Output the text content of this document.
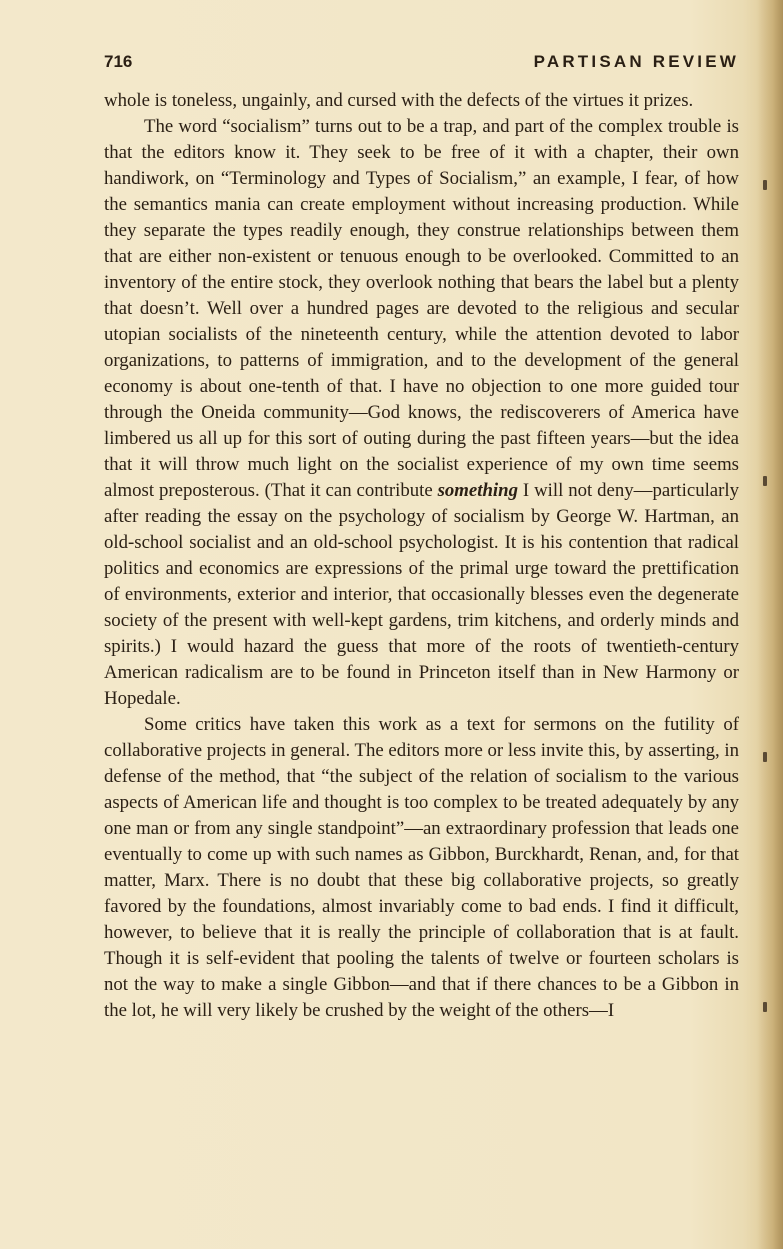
716	PARTISAN REVIEW

whole is toneless, ungainly, and cursed with the defects of the virtues it prizes.

The word “socialism” turns out to be a trap, and part of the complex trouble is that the editors know it. They seek to be free of it with a chapter, their own handiwork, on “Terminology and Types of Socialism,” an example, I fear, of how the semantics mania can create employment without increasing production. While they separate the types readily enough, they construe relationships between them that are either non-existent or tenuous enough to be overlooked. Committed to an inventory of the entire stock, they overlook nothing that bears the label but a plenty that doesn’t. Well over a hundred pages are devoted to the religious and secular utopian socialists of the nineteenth century, while the attention devoted to labor organizations, to patterns of immigration, and to the development of the general economy is about one-tenth of that. I have no objection to one more guided tour through the Oneida community—God knows, the rediscoverers of America have limbered us all up for this sort of outing during the past fifteen years—but the idea that it will throw much light on the socialist experience of my own time seems almost preposterous. (That it can contribute something I will not deny—particularly after reading the essay on the psychology of socialism by George W. Hartman, an old-school socialist and an old-school psychologist. It is his contention that radical politics and economics are expressions of the primal urge toward the prettification of environments, exterior and interior, that occasionally blesses even the degenerate society of the present with well-kept gardens, trim kitchens, and orderly minds and spirits.) I would hazard the guess that more of the roots of twentieth-century American radicalism are to be found in Princeton itself than in New Harmony or Hopedale.

Some critics have taken this work as a text for sermons on the futility of collaborative projects in general. The editors more or less invite this, by asserting, in defense of the method, that “the subject of the relation of socialism to the various aspects of American life and thought is too complex to be treated adequately by any one man or from any single standpoint”—an extraordinary profession that leads one eventually to come up with such names as Gibbon, Burckhardt, Renan, and, for that matter, Marx. There is no doubt that these big collaborative projects, so greatly favored by the foundations, almost invariably come to bad ends. I find it difficult, however, to believe that it is really the principle of collaboration that is at fault. Though it is self-evident that pooling the talents of twelve or fourteen scholars is not the way to make a single Gibbon—and that if there chances to be a Gibbon in the lot, he will very likely be crushed by the weight of the others—I
